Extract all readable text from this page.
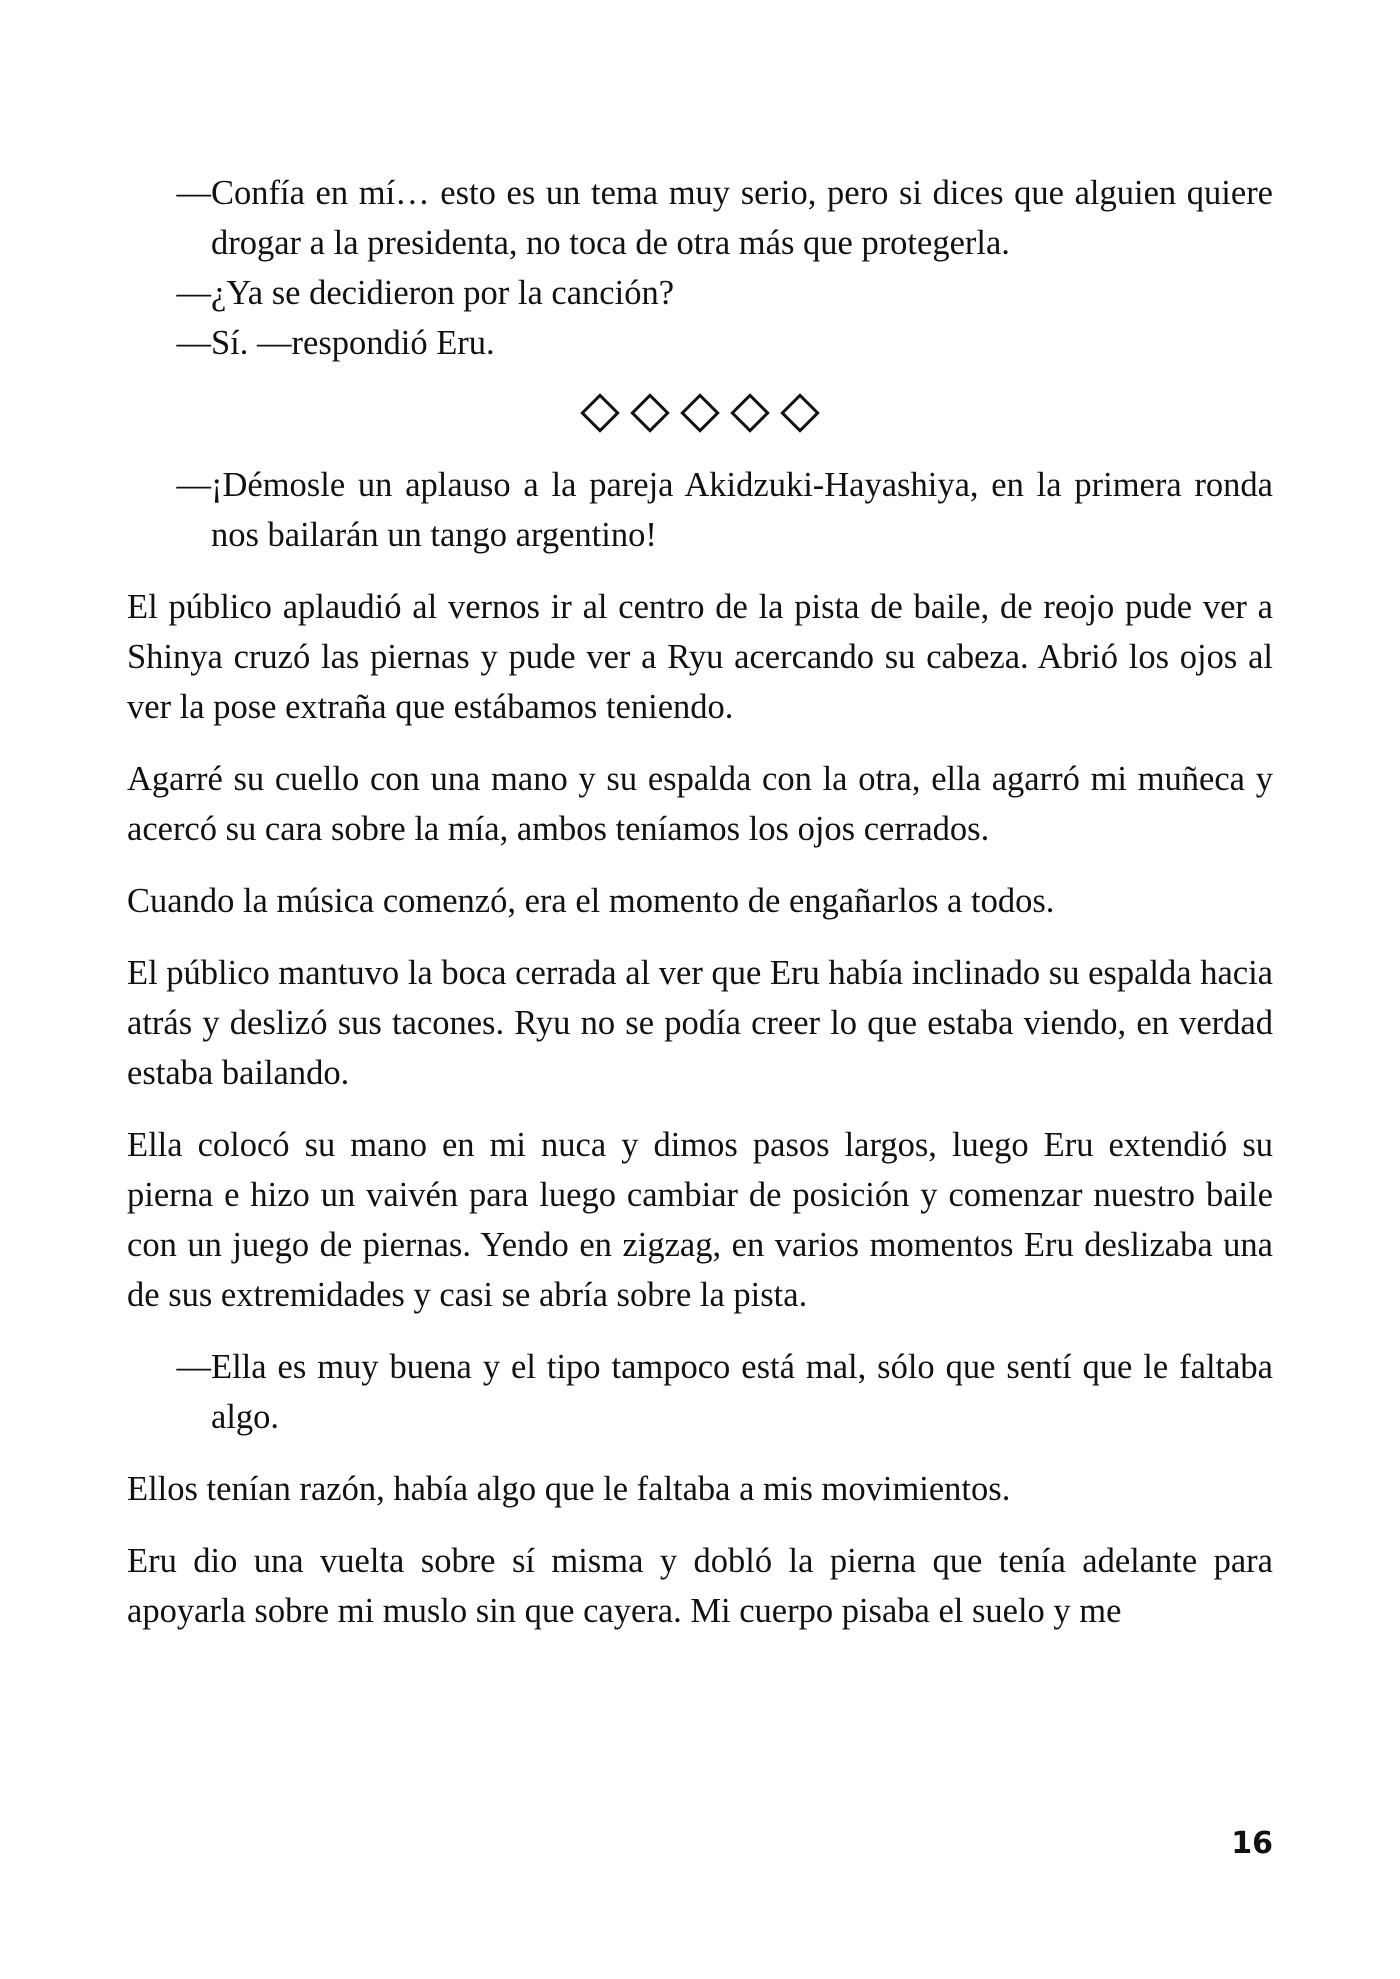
— Confía en mí… esto es un tema muy serio, pero si dices que alguien quiere drogar a la presidenta, no toca de otra más que protegerla.
— ¿Ya se decidieron por la canción?
— Sí. —respondió Eru.
— ¡Démosle un aplauso a la pareja Akidzuki-Hayashiya, en la primera ronda nos bailarán un tango argentino!

El público aplaudió al vernos ir al centro de la pista de baile, de reojo pude ver a Shinya cruzó las piernas y pude ver a Ryu acercando su cabeza. Abrió los ojos al ver la pose extraña que estábamos teniendo.

Agarré su cuello con una mano y su espalda con la otra, ella agarró mi muñeca y acercó su cara sobre la mía, ambos teníamos los ojos cerrados.

Cuando la música comenzó, era el momento de engañarlos a todos.

El público mantuvo la boca cerrada al ver que Eru había inclinado su espalda hacia atrás y deslizó sus tacones. Ryu no se podía creer lo que estaba viendo, en verdad estaba bailando.

Ella colocó su mano en mi nuca y dimos pasos largos, luego Eru extendió su pierna e hizo un vaivén para luego cambiar de posición y comenzar nuestro baile con un juego de piernas. Yendo en zigzag, en varios momentos Eru deslizaba una de sus extremidades y casi se abría sobre la pista.

— Ella es muy buena y el tipo tampoco está mal, sólo que sentí que le faltaba algo.

Ellos tenían razón, había algo que le faltaba a mis movimientos.

Eru dio una vuelta sobre sí misma y dobló la pierna que tenía adelante para apoyarla sobre mi muslo sin que cayera. Mi cuerpo pisaba el suelo y me

16
